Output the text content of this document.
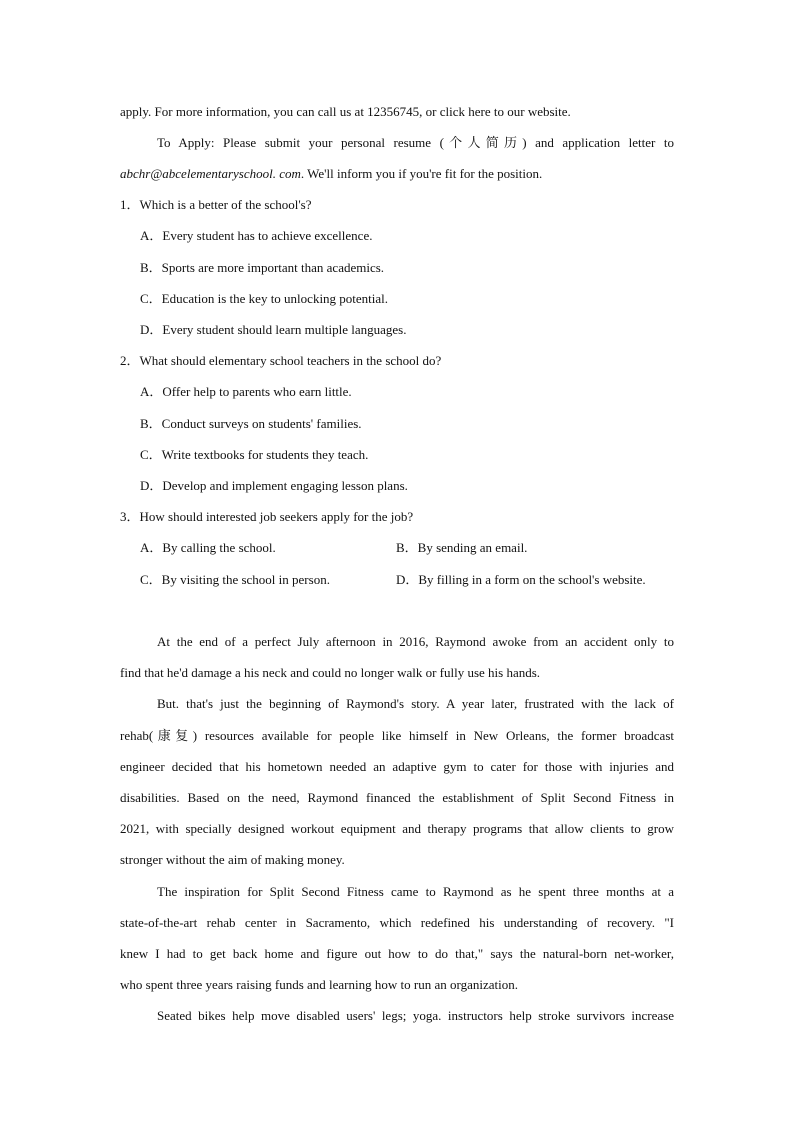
apply. For more information, you can call us at 12356745, or click here to our website.
To Apply: Please submit your personal resume (个人简历) and application letter to
abchr@abcelementaryschool. com. We'll inform you if you're fit for the position.
1．Which is a better of the school's?
A．Every student has to achieve excellence.
B．Sports are more important than academics.
C．Education is the key to unlocking potential.
D．Every student should learn multiple languages.
2．What should elementary school teachers in the school do?
A．Offer help to parents who earn little.
B．Conduct surveys on students' families.
C．Write textbooks for students they teach.
D．Develop and implement engaging lesson plans.
3．How should interested job seekers apply for the job?
A．By calling the school.	B．By sending an email.
C．By visiting the school in person.	D．By filling in a form on the school's website.
At the end of a perfect July afternoon in 2016, Raymond awoke from an accident only to
find that he'd damage a his neck and could no longer walk or fully use his hands.
But. that's just the beginning of Raymond's story. A year later, frustrated with the lack of
rehab(康复) resources available for people like himself in New Orleans, the former broadcast
engineer decided that his hometown needed an adaptive gym to cater for those with injuries and
disabilities. Based on the need, Raymond financed the establishment of Split Second Fitness in
2021, with specially designed workout equipment and therapy programs that allow clients to grow
stronger without the aim of making money.
The inspiration for Split Second Fitness came to Raymond as he spent three months at a
state-of-the-art rehab center in Sacramento, which redefined his understanding of recovery. "I
knew I had to get back home and figure out how to do that," says the natural-born net-worker,
who spent three years raising funds and learning how to run an organization.
Seated bikes help move disabled users' legs; yoga. instructors help stroke survivors increase
